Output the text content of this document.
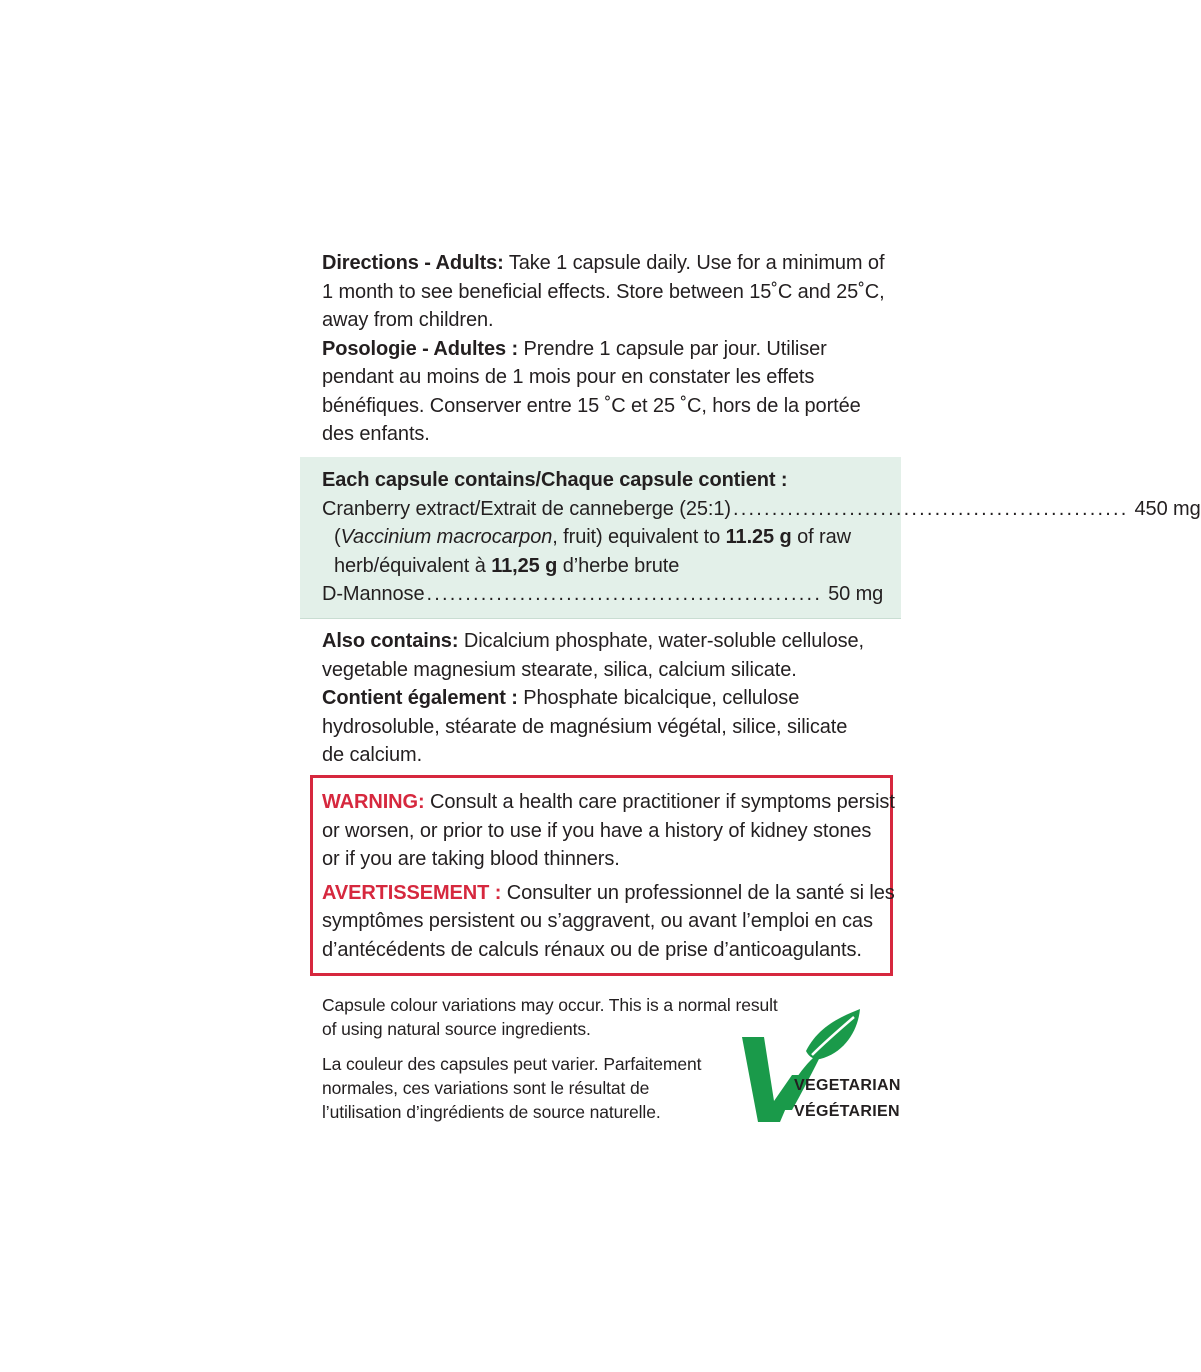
Directions - Adults: Take 1 capsule daily. Use for a minimum of
1 month to see beneficial effects. Store between 15˚C and 25˚C,
away from children.
Posologie - Adultes : Prendre 1 capsule par jour. Utiliser
pendant au moins de 1 mois pour en constater les effets
bénéfiques. Conserver entre 15 ˚C et 25 ˚C, hors de la portée
des enfants.
Each capsule contains/Chaque capsule contient :
Cranberry extract/Extrait de canneberge (25:1) ................................................... 450 mg
(Vaccinium macrocarpon, fruit) equivalent to 11.25 g of raw
herb/équivalent à 11,25 g d’herbe brute
D-Mannose ................................................... 50 mg
Also contains: Dicalcium phosphate, water-soluble cellulose,
vegetable magnesium stearate, silica, calcium silicate.
Contient également : Phosphate bicalcique, cellulose
hydrosoluble, stéarate de magnésium végétal, silice, silicate
de calcium.
WARNING: Consult a health care practitioner if symptoms persist
or worsen, or prior to use if you have a history of kidney stones
or if you are taking blood thinners.
AVERTISSEMENT : Consulter un professionnel de la santé si les
symptômes persistent ou s’aggravent, ou avant l’emploi en cas
d’antécédents de calculs rénaux ou de prise d’anticoagulants.
Capsule colour variations may occur. This is a normal result
of using natural source ingredients.
La couleur des capsules peut varier. Parfaitement
normales, ces variations sont le résultat de
l’utilisation d’ingrédients de source naturelle.
VEGETARIAN
VÉGÉTARIEN
